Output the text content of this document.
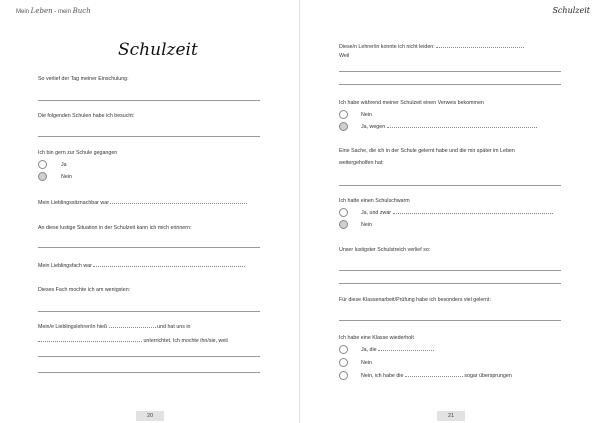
Mein Leben - mein Buch
Schulzeit
So verlief der Tag meiner Einschulung:
Die folgenden Schulen habe ich besucht:
Ich bin gern zur Schule gegangen
Ja
Nein
Mein Lieblingssitznachbar war
An diese lustige Situation in der Schulzeit kann ich mich erinnern:
Mein Lieblingsfach war
Dieses Fach mochte ich am wenigsten:
Mein/e Lieblingslehrer/in hieß	und hat uns in
unterrichtet. Ich mochte ihn/sie, weil
20
Schulzeit
Diese/n Lehrer/in konnte ich nicht leiden:
Weil
Ich habe während meiner Schulzeit einen Verweis bekommen
Nein
Ja, wegen
Eine Sache, die ich in der Schule gelernt habe und die mir später im Leben
weitergeholfen hat:
Ich hatte einen Schulschwarm
Ja, und zwar
Nein
Unser lustigster Schulstreich verlief so:
Für diese Klassenarbeit/Prüfung habe ich besonders viel gelernt:
Ich habe eine Klasse wiederholt
Ja, die
Nein
Nein, ich habe die	sogar übersprungen
21
